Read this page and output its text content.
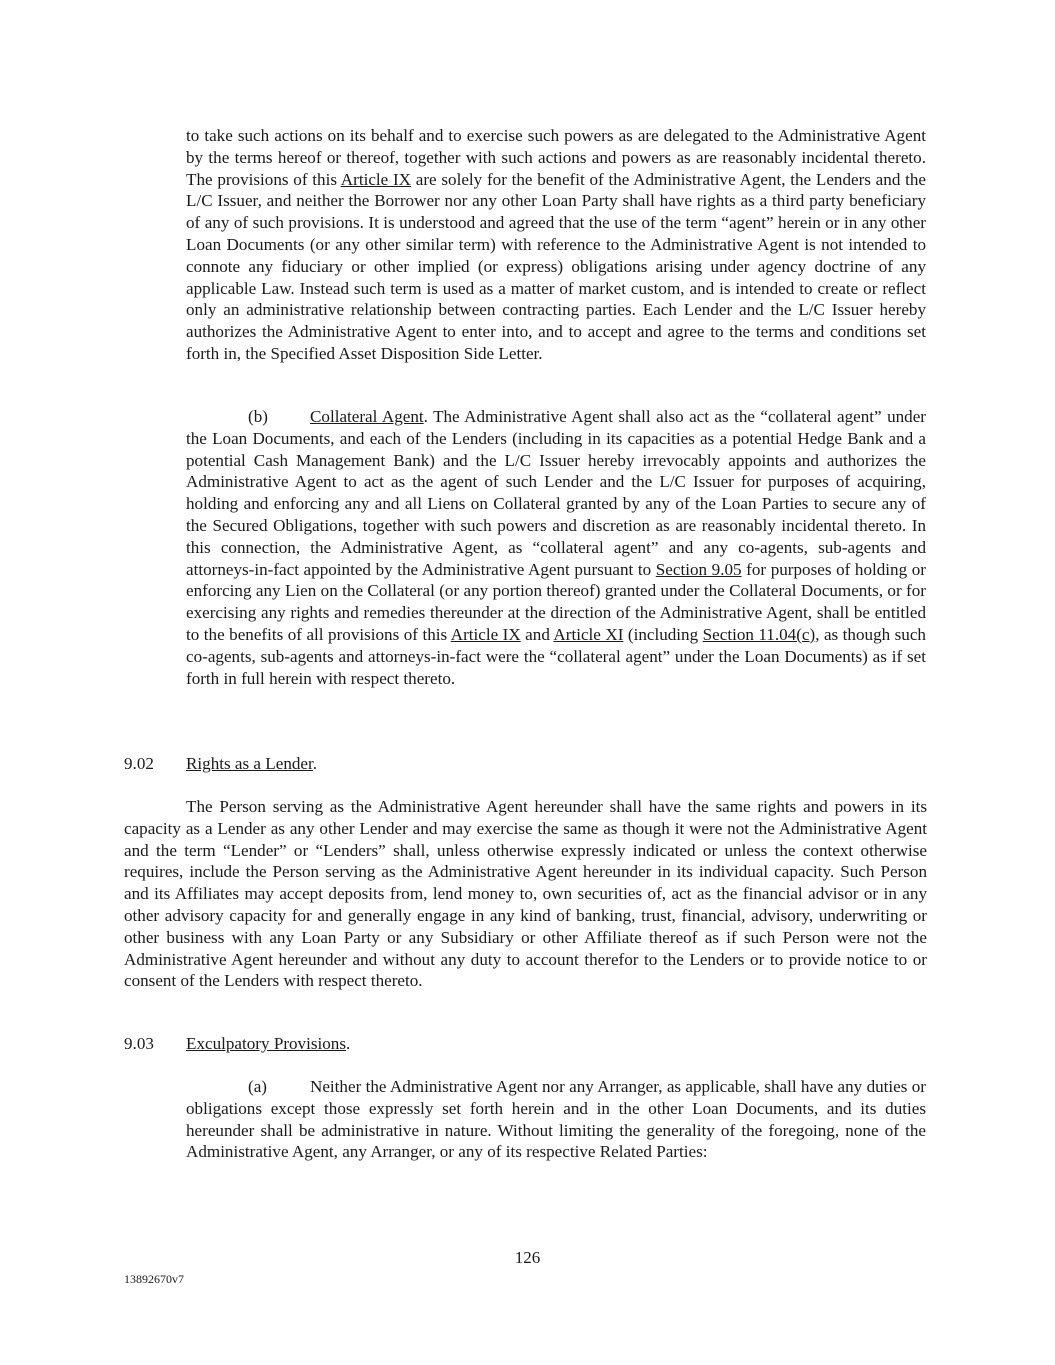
to take such actions on its behalf and to exercise such powers as are delegated to the Administrative Agent by the terms hereof or thereof, together with such actions and powers as are reasonably incidental thereto. The provisions of this Article IX are solely for the benefit of the Administrative Agent, the Lenders and the L/C Issuer, and neither the Borrower nor any other Loan Party shall have rights as a third party beneficiary of any of such provisions. It is understood and agreed that the use of the term “agent” herein or in any other Loan Documents (or any other similar term) with reference to the Administrative Agent is not intended to connote any fiduciary or other implied (or express) obligations arising under agency doctrine of any applicable Law. Instead such term is used as a matter of market custom, and is intended to create or reflect only an administrative relationship between contracting parties. Each Lender and the L/C Issuer hereby authorizes the Administrative Agent to enter into, and to accept and agree to the terms and conditions set forth in, the Specified Asset Disposition Side Letter.

(b) Collateral Agent. The Administrative Agent shall also act as the “collateral agent” under the Loan Documents, and each of the Lenders (including in its capacities as a potential Hedge Bank and a potential Cash Management Bank) and the L/C Issuer hereby irrevocably appoints and authorizes the Administrative Agent to act as the agent of such Lender and the L/C Issuer for purposes of acquiring, holding and enforcing any and all Liens on Collateral granted by any of the Loan Parties to secure any of the Secured Obligations, together with such powers and discretion as are reasonably incidental thereto. In this connection, the Administrative Agent, as “collateral agent” and any co-agents, sub-agents and attorneys-in-fact appointed by the Administrative Agent pursuant to Section 9.05 for purposes of holding or enforcing any Lien on the Collateral (or any portion thereof) granted under the Collateral Documents, or for exercising any rights and remedies thereunder at the direction of the Administrative Agent, shall be entitled to the benefits of all provisions of this Article IX and Article XI (including Section 11.04(c), as though such co-agents, sub-agents and attorneys-in-fact were the “collateral agent” under the Loan Documents) as if set forth in full herein with respect thereto.

9.02 Rights as a Lender.

The Person serving as the Administrative Agent hereunder shall have the same rights and powers in its capacity as a Lender as any other Lender and may exercise the same as though it were not the Administrative Agent and the term “Lender” or “Lenders” shall, unless otherwise expressly indicated or unless the context otherwise requires, include the Person serving as the Administrative Agent hereunder in its individual capacity. Such Person and its Affiliates may accept deposits from, lend money to, own securities of, act as the financial advisor or in any other advisory capacity for and generally engage in any kind of banking, trust, financial, advisory, underwriting or other business with any Loan Party or any Subsidiary or other Affiliate thereof as if such Person were not the Administrative Agent hereunder and without any duty to account therefor to the Lenders or to provide notice to or consent of the Lenders with respect thereto.

9.03 Exculpatory Provisions.

(a)	Neither the Administrative Agent nor any Arranger, as applicable, shall have any duties or obligations except those expressly set forth herein and in the other Loan Documents, and its duties hereunder shall be administrative in nature. Without limiting the generality of the foregoing, none of the Administrative Agent, any Arranger, or any of its respective Related Parties:

126
13892670v7
